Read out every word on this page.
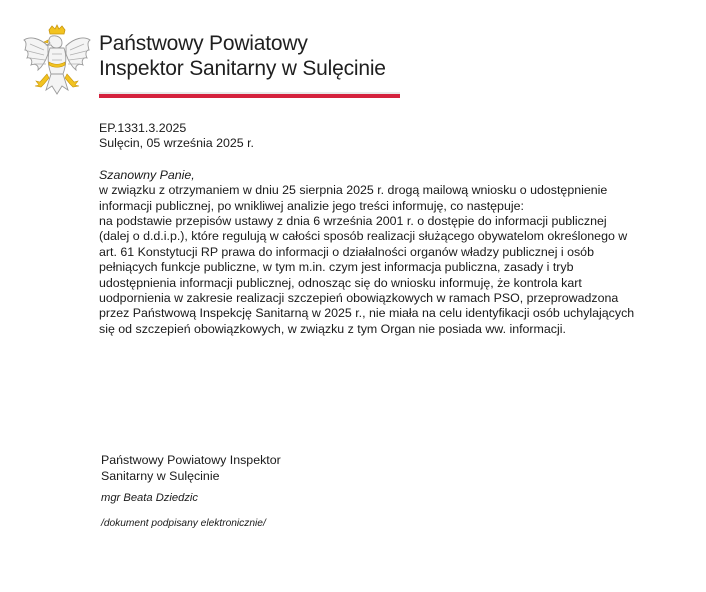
Państwowy Powiatowy
Inspektor Sanitarny w Sulęcinie

EP.1331.3.2025

Sulęcin, 05 września 2025 r.

Szanowny Panie,

w związku z otrzymaniem w dniu 25 sierpnia 2025 r. drogą mailową wniosku o udostępnienie informacji publicznej, po wnikliwej analizie jego treści informuję, co następuje:

na podstawie przepisów ustawy z dnia 6 września 2001 r. o dostępie do informacji publicznej (dalej o d.d.i.p.), które regulują w całości sposób realizacji służącego obywatelom określonego w art. 61 Konstytucji RP prawa do informacji o działalności organów władzy publicznej i osób pełniących funkcje publiczne, w tym m.in. czym jest informacja publiczna, zasady i tryb udostępnienia informacji publicznej, odnosząc się do wniosku informuję, że kontrola kart uodpornienia w zakresie realizacji szczepień obowiązkowych w ramach PSO, przeprowadzona przez Państwową Inspekcję Sanitarną w 2025 r., nie miała na celu identyfikacji osób uchylających się od szczepień obowiązkowych, w związku z tym Organ nie posiada ww. informacji.

Państwowy Powiatowy Inspektor

Sanitarny w Sulęcinie

mgr Beata Dziedzic

/dokument podpisany elektronicznie/
